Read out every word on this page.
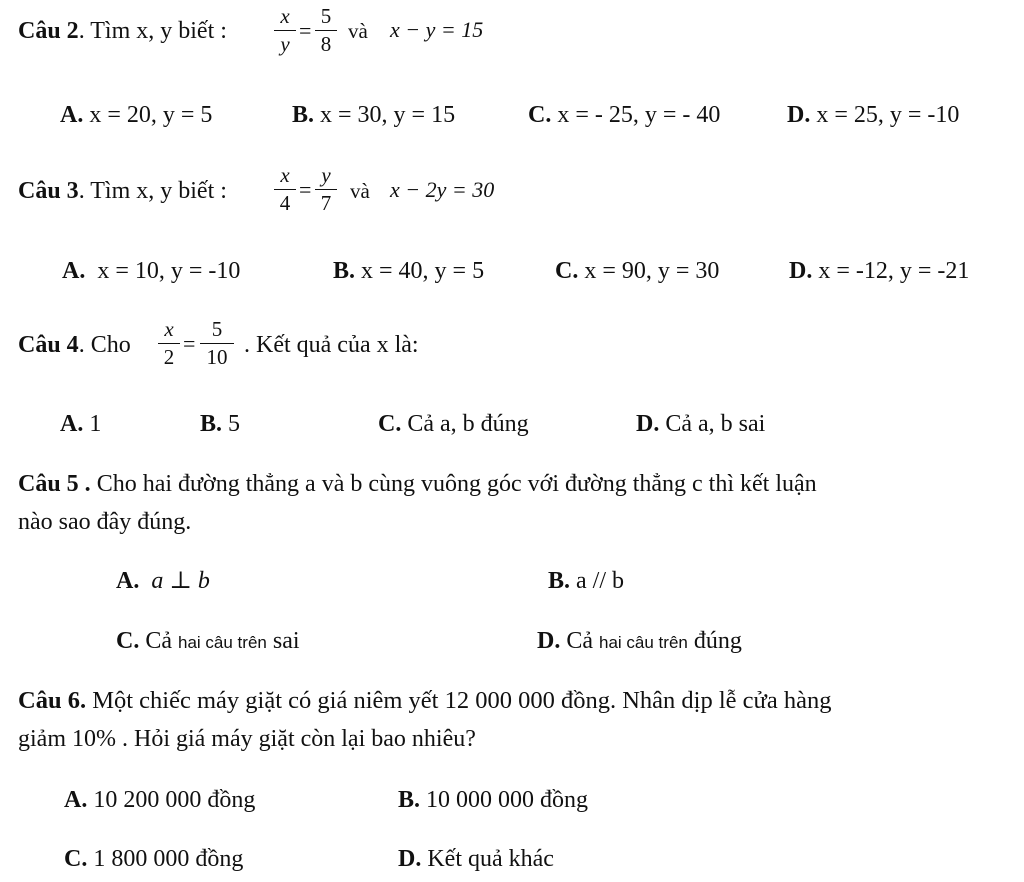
Câu 2. Tìm x, y biết :
x
y
=
5
8
và x − y = 15
A. x = 20, y = 5	B. x = 30, y = 15	C. x = - 25, y = - 40	D. x = 25, y = -10
Câu 3. Tìm x, y biết :
x
4
=
y
7 và x − 2y = 30
A. x = 10, y = -10	B. x = 40, y = 5	C. x = 90, y = 30	D. x = -12, y = -21
Câu 4. Cho
x
2
=
5
10 . Kết quả của x là:
A. 1	B. 5	C. Cả a, b đúng	D. Cả a, b sai
Câu 5 . Cho hai đường thẳng a và b cùng vuông góc với đường thẳng c thì kết luận
nào sao đây đúng.
A. a ⊥ b	B. a // b
C. Cả hai câu trên sai	D. Cả hai câu trên đúng
Câu 6. Một chiếc máy giặt có giá niêm yết 12 000 000 đồng. Nhân dịp lễ cửa hàng
giảm 10% . Hỏi giá máy giặt còn lại bao nhiêu?
A. 10 200 000 đồng	B. 10 000 000 đồng
C. 1 800 000 đồng	D. Kết quả khác
